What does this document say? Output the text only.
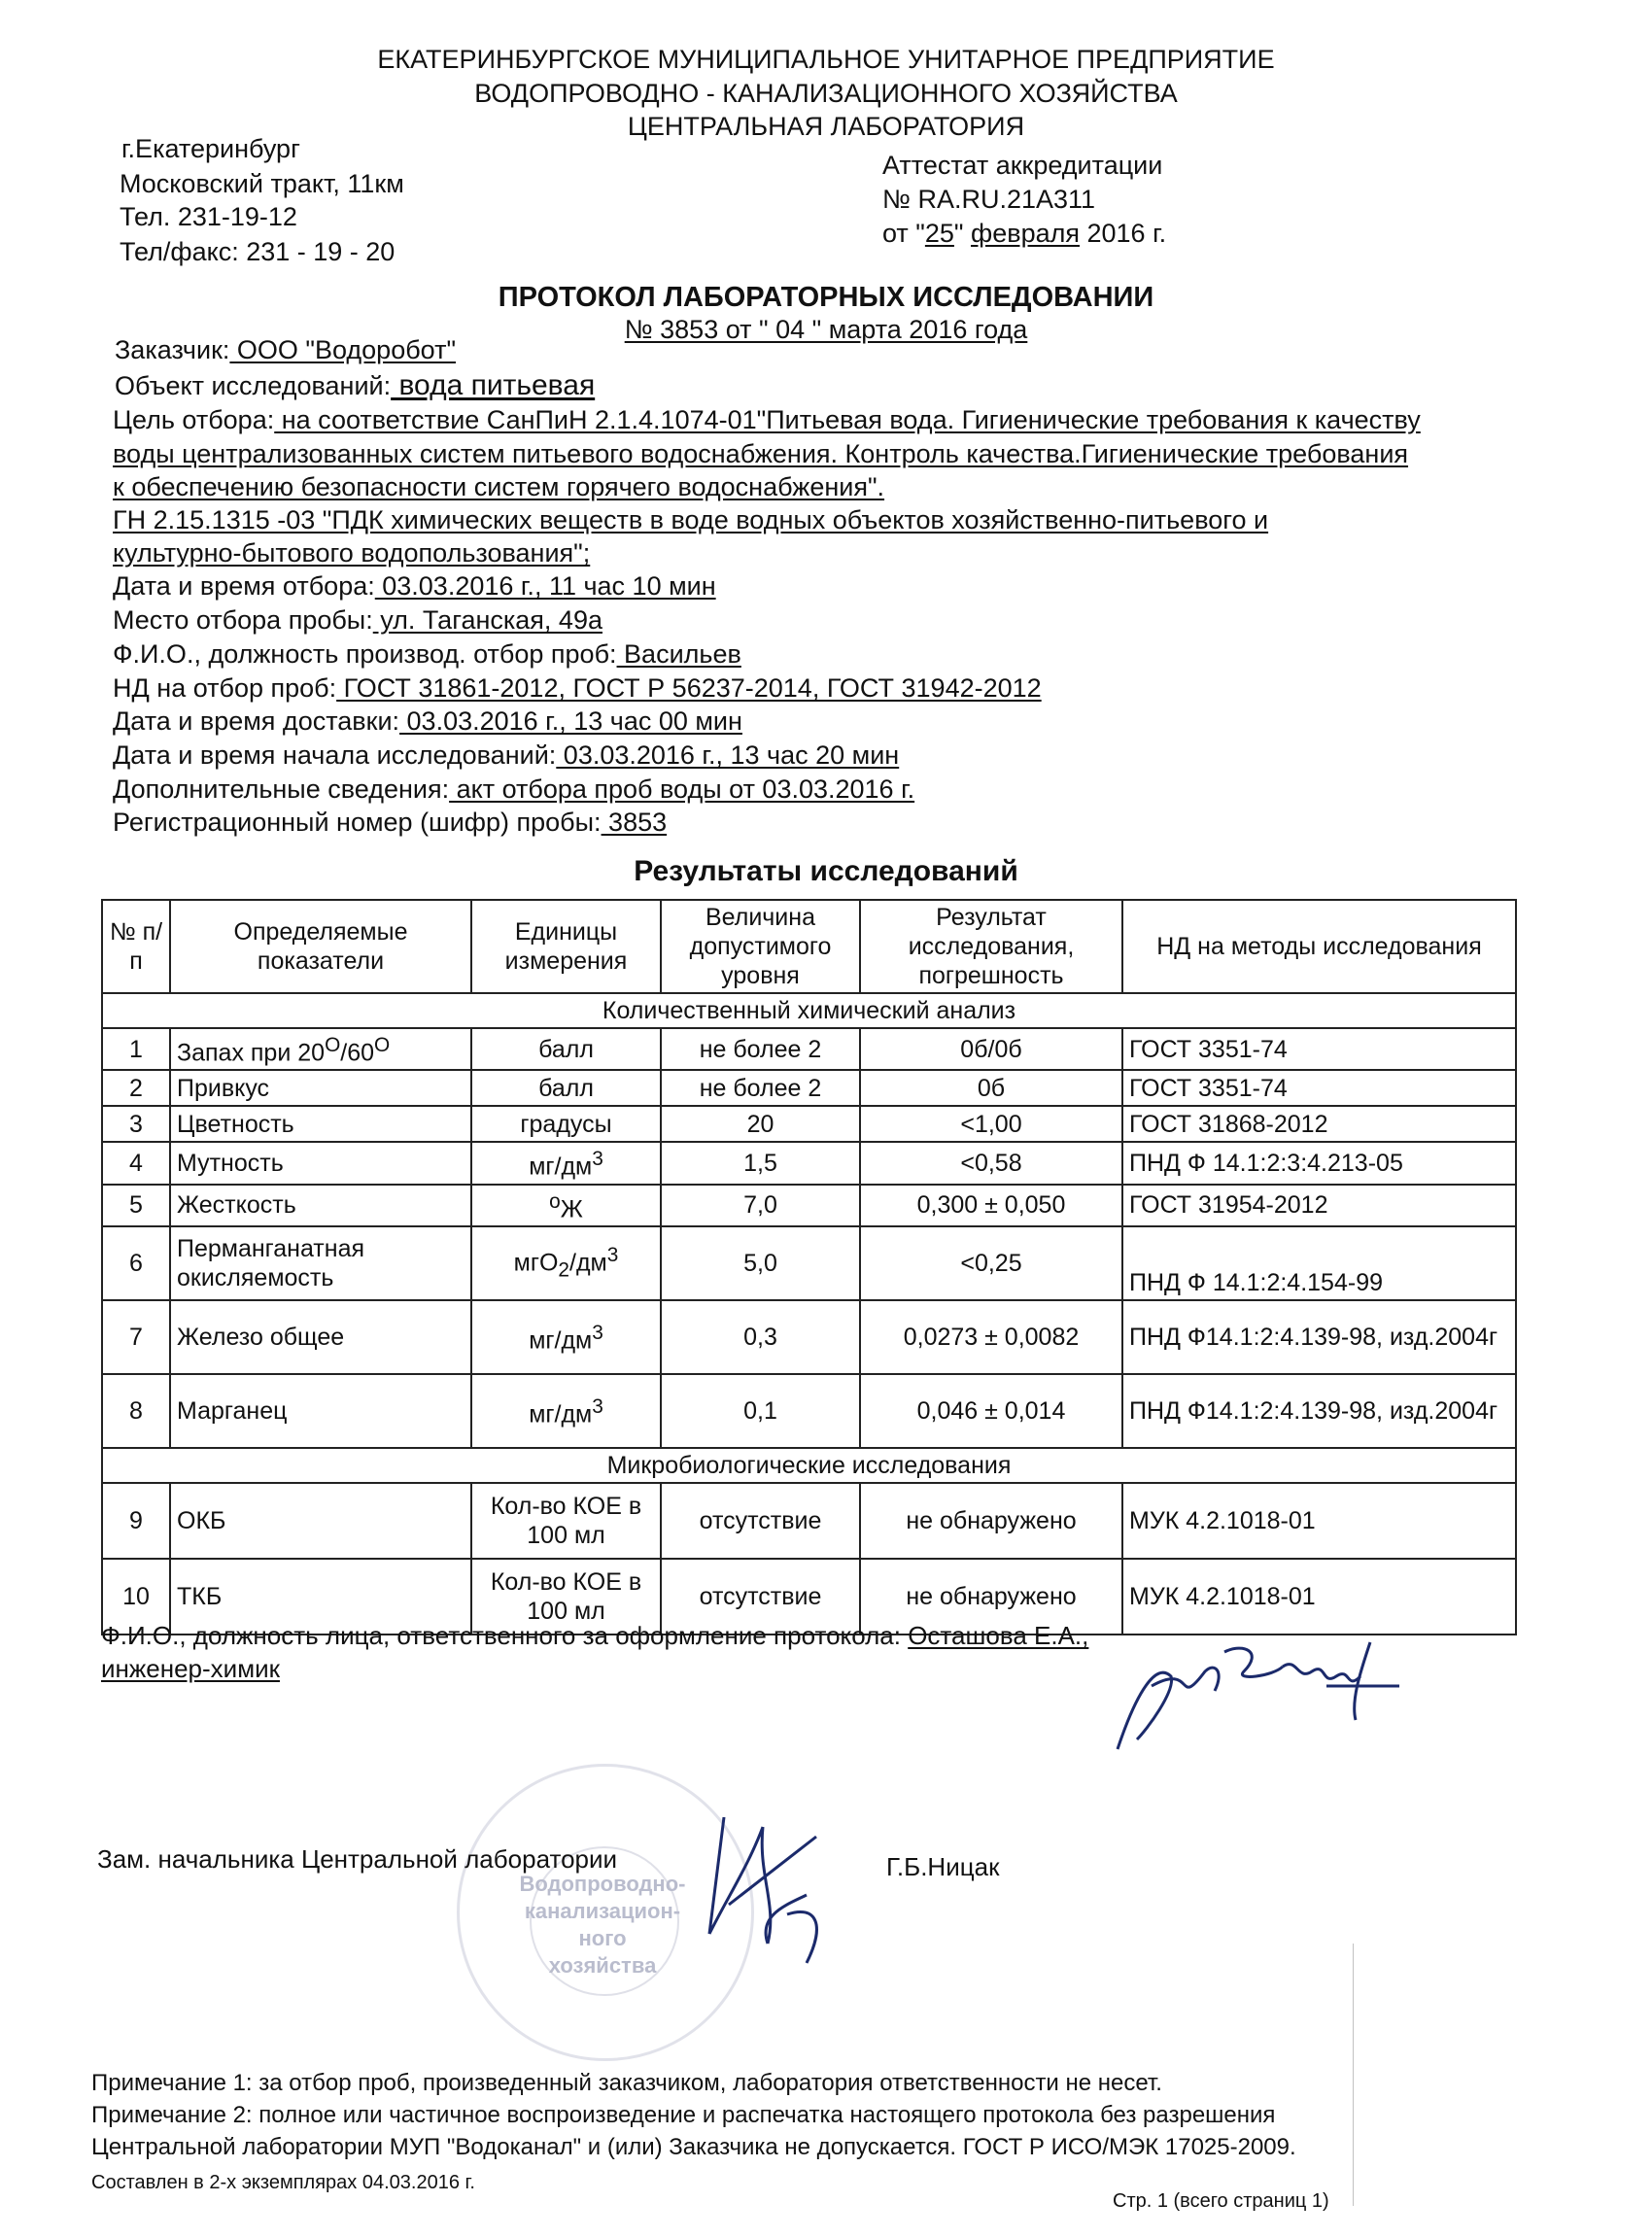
ЕКАТЕРИНБУРГСКОЕ МУНИЦИПАЛЬНОЕ УНИТАРНОЕ ПРЕДПРИЯТИЕ
ВОДОПРОВОДНО - КАНАЛИЗАЦИОННОГО ХОЗЯЙСТВА
ЦЕНТРАЛЬНАЯ ЛАБОРАТОРИЯ
г.Екатеринбург
Московский тракт, 11км
Тел. 231-19-12
Тел/факс: 231 - 19 - 20
Аттестат аккредитации
№ RA.RU.21A311
от "25" февраля 2016 г.
ПРОТОКОЛ ЛАБОРАТОРНЫХ ИССЛЕДОВАНИИ
№ 3853 от " 04 " марта 2016 года
Заказчик: ООО "Водоробот"
Объект исследований: вода питьевая
Цель отбора: на соответствие СанПиН 2.1.4.1074-01"Питьевая вода. Гигиенические требования к качеству
воды централизованных систем питьевого водоснабжения. Контроль качества.Гигиенические требования
к обеспечению безопасности систем горячего водоснабжения".
ГН 2.15.1315 -03 "ПДК химических веществ в воде водных объектов хозяйственно-питьевого и
культурно-бытового водопользования";
Дата и время отбора: 03.03.2016 г., 11 час 10 мин
Место отбора пробы: ул. Таганская, 49а
Ф.И.О., должность производ. отбор проб: Васильев
НД на отбор проб: ГОСТ 31861-2012, ГОСТ Р 56237-2014, ГОСТ 31942-2012
Дата и время доставки: 03.03.2016 г., 13 час 00 мин
Дата и время начала исследований: 03.03.2016 г., 13 час 20 мин
Дополнительные сведения: акт отбора проб воды от 03.03.2016 г.
Регистрационный номер (шифр) пробы: 3853
Результаты исследований
№ п/п	Определяемые показатели	Единицы измерения	Величина допустимого уровня	Результат исследования, погрешность	НД на методы исследования
Количественный химический анализ					
1	Запах при $20^O/60^O$	балл	не более 2	0б/0б	ГОСТ 3351-74
2	Привкус	балл	не более 2	0б	ГОСТ 3351-74
3	Цветность	градусы	20	<1,00	ГОСТ 31868-2012
4	Мутность	$мг/дм^3$	1,5	<0,58	ПНД Ф 14.1:2:3:4.213-05
5	Жесткость	$^о$Ж	7,0	0,300 ± 0,050	ГОСТ 31954-2012
6	Перманганатная окисляемость	$мгО_2/дм^3$	5,0	<0,25	ПНД Ф 14.1:2:4.154-99
7	Железо общее	$мг/дм^3$	0,3	0,0273 ± 0,0082	ПНД Ф14.1:2:4.139-98, изд.2004г
8	Марганец	$мг/дм^3$	0,1	0,046 ± 0,014	ПНД Ф14.1:2:4.139-98, изд.2004г
Микробиологические исследования					
9	ОКБ	Кол-во КОЕ в 100 мл	отсутствие	не обнаружено	МУК 4.2.1018-01
10	ТКБ	Кол-во КОЕ в 100 мл	отсутствие	не обнаружено	МУК 4.2.1018-01
Ф.И.О., должность лица, ответственного за оформление протокола: Осташова Е.А.,
инженер-химик
Водопроводно-
канализацион-
ного
хозяйства
Зам. начальника Центральной лаборатории	Г.Б.Ницак
Примечание 1: за отбор проб, произведенный заказчиком, лаборатория ответственности не несет.
Примечание 2: полное или частичное воспроизведение и распечатка настоящего протокола без разрешения
Центральной лаборатории МУП "Водоканал" и (или) Заказчика не допускается. ГОСТ Р ИСО/МЭК 17025-2009.
Составлен в 2-х экземплярах 04.03.2016 г.
Стр. 1 (всего страниц 1)
